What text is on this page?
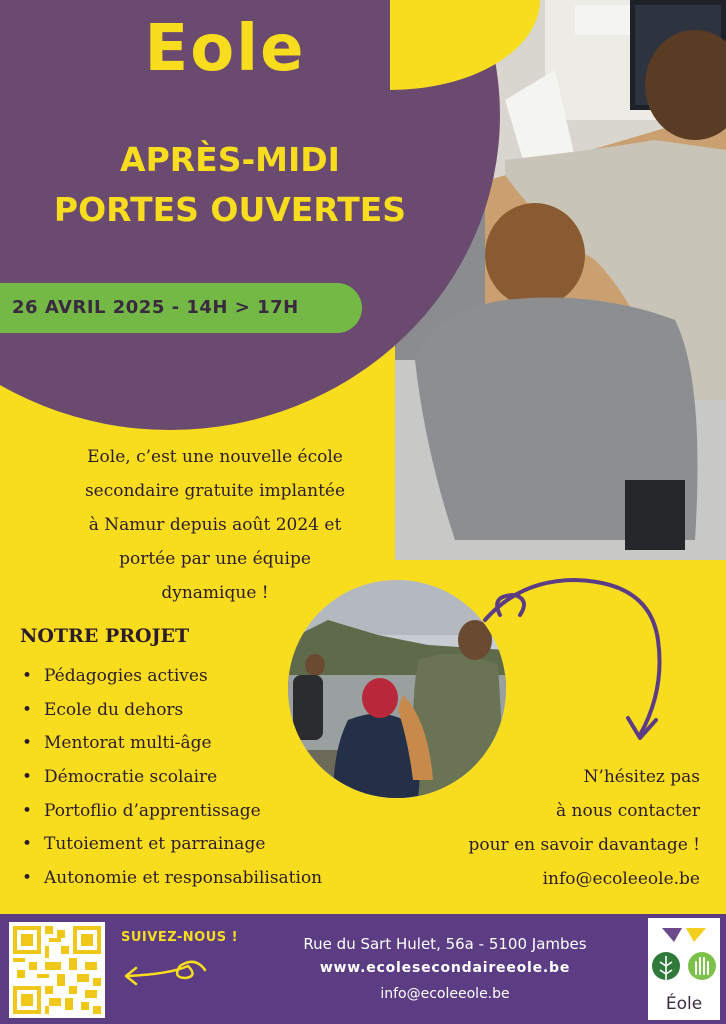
Eole
APRÈS-MIDI
PORTES OUVERTES
26 AVRIL 2025 - 14H > 17H
Eole, c’est une nouvelle école
secondaire gratuite implantée
à Namur depuis août 2024 et
portée par une équipe
dynamique !
NOTRE PROJET
• Pédagogies actives
• Ecole du dehors
• Mentorat multi-âge
• Démocratie scolaire
• Portoflio d’apprentissage
• Tutoiement et parrainage
• Autonomie et responsabilisation
N’hésitez pas
à nous contacter
pour en savoir davantage !
info@ecoleeole.be
SUIVEZ-NOUS !	Rue du Sart Hulet, 56a - 5100 Jambes
www.ecolesecondaireeole.be
info@ecoleeole.be	Éole
